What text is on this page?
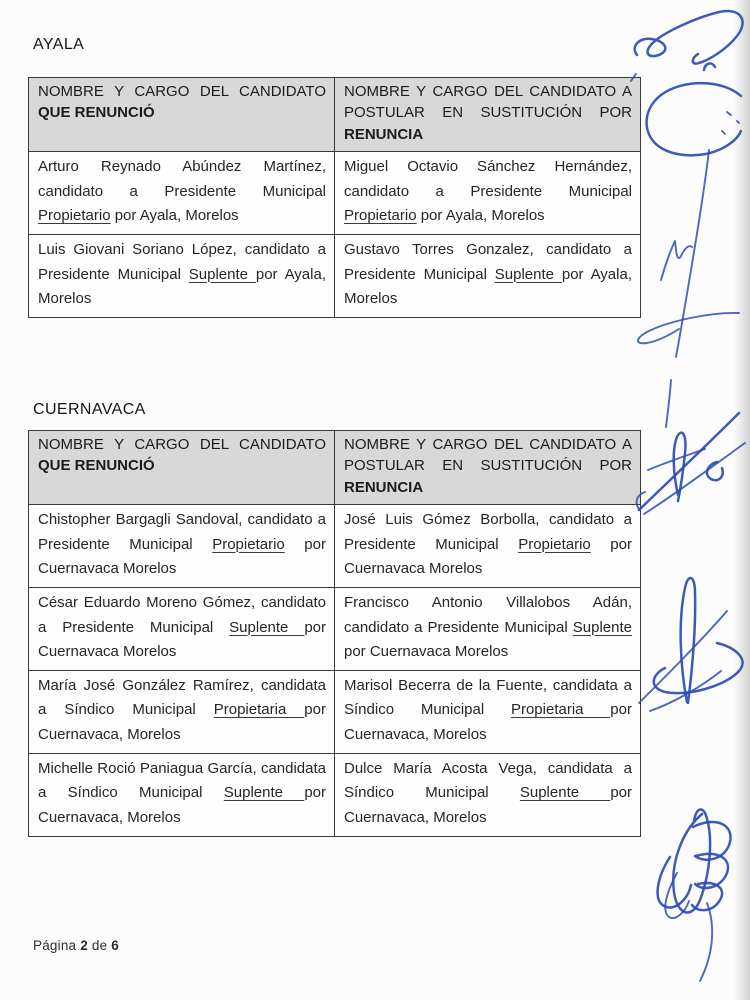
AYALA
NOMBRE Y CARGO DEL CANDIDATO QUE RENUNCIÓ	NOMBRE Y CARGO DEL CANDIDATO A POSTULAR EN SUSTITUCIÓN POR RENUNCIA
Arturo Reynado Abúndez Martínez, candidato a Presidente Municipal Propietario por Ayala, Morelos	Miguel Octavio Sánchez Hernández, candidato a Presidente Municipal Propietario por Ayala, Morelos
Luis Giovani Soriano López, candidato a Presidente Municipal Suplente por Ayala, Morelos	Gustavo Torres Gonzalez, candidato a Presidente Municipal Suplente por Ayala, Morelos
CUERNAVACA
NOMBRE Y CARGO DEL CANDIDATO QUE RENUNCIÓ	NOMBRE Y CARGO DEL CANDIDATO A POSTULAR EN SUSTITUCIÓN POR RENUNCIA
Chistopher Bargagli Sandoval, candidato a Presidente Municipal Propietario por Cuernavaca Morelos	José Luis Gómez Borbolla, candidato a Presidente Municipal Propietario por Cuernavaca Morelos
César Eduardo Moreno Gómez, candidato a Presidente Municipal Suplente por Cuernavaca Morelos	Francisco Antonio Villalobos Adán, candidato a Presidente Municipal Suplente por Cuernavaca Morelos
María José González Ramírez, candidata a Síndico Municipal Propietaria por Cuernavaca, Morelos	Marisol Becerra de la Fuente, candidata a Síndico Municipal Propietaria por Cuernavaca, Morelos
Michelle Roció Paniagua García, candidata a Síndico Municipal Suplente por Cuernavaca, Morelos	Dulce María Acosta Vega, candidata a Síndico Municipal Suplente por Cuernavaca, Morelos
Página 2 de 6
